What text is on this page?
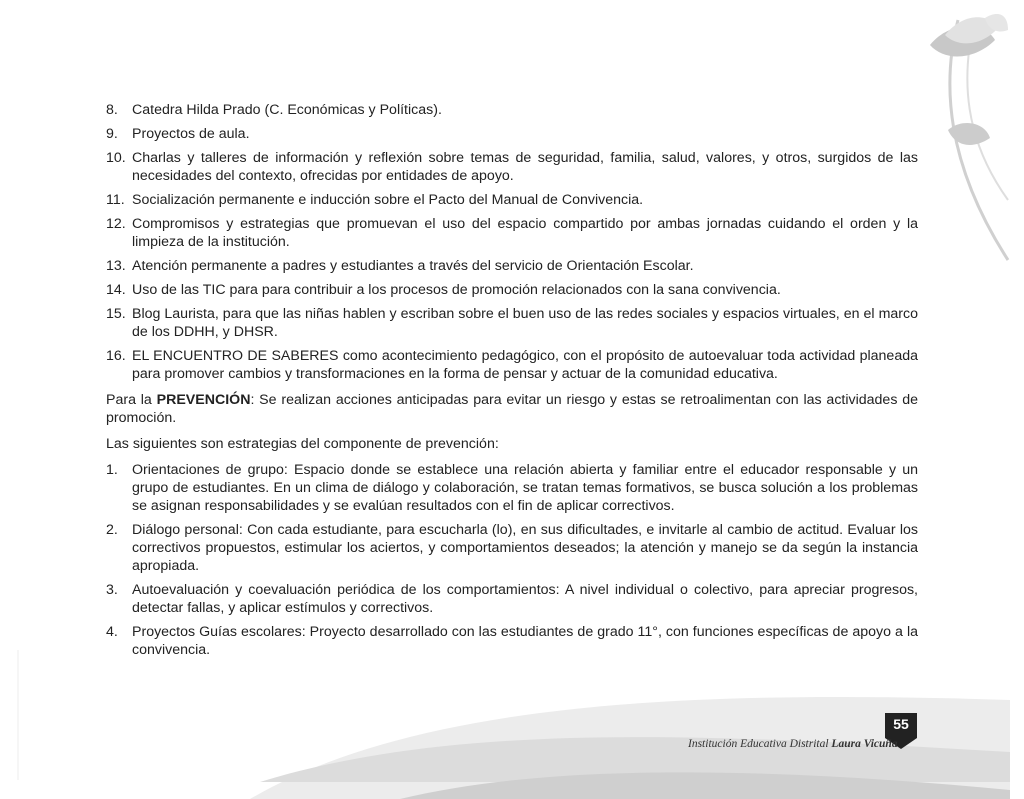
8. Catedra Hilda Prado (C. Económicas y Políticas).
9. Proyectos de aula.
10. Charlas y talleres de información y reflexión sobre temas de seguridad, familia, salud, valores, y otros, surgidos de las necesidades del contexto, ofrecidas por entidades de apoyo.
11. Socialización permanente e inducción sobre el Pacto del Manual de Convivencia.
12. Compromisos y estrategias que promuevan el uso del espacio compartido por ambas jornadas cuidando el orden y la limpieza de la institución.
13. Atención permanente a padres y estudiantes a través del servicio de Orientación Escolar.
14. Uso de las TIC para para contribuir a los procesos de promoción relacionados con la sana convivencia.
15. Blog Laurista, para que las niñas hablen y escriban sobre el buen uso de las redes sociales y espacios virtuales, en el marco de los DDHH, y DHSR.
16. EL ENCUENTRO DE SABERES como acontecimiento pedagógico, con el propósito de autoevaluar toda actividad planeada para promover cambios y transformaciones en la forma de pensar y actuar de la comunidad educativa.

Para la PREVENCIÓN: Se realizan acciones anticipadas para evitar un riesgo y estas se retroalimentan con las actividades de promoción.

Las siguientes son estrategias del componente de prevención:

1. Orientaciones de grupo: Espacio donde se establece una relación abierta y familiar entre el educador responsable y un grupo de estudiantes. En un clima de diálogo y colaboración, se tratan temas formativos, se busca solución a los problemas se asignan responsabilidades y se evalúan resultados con el fin de aplicar correctivos.
2. Diálogo personal: Con cada estudiante, para escucharla (lo), en sus dificultades, e invitarle al cambio de actitud. Evaluar los correctivos propuestos, estimular los aciertos, y comportamientos deseados; la atención y manejo se da según la instancia apropiada.
3. Autoevaluación y coevaluación periódica de los comportamientos: A nivel individual o colectivo, para apreciar progresos, detectar fallas, y aplicar estímulos y correctivos.
4. Proyectos Guías escolares: Proyecto desarrollado con las estudiantes de grado 11°, con funciones específicas de apoyo a la convivencia.
Institución Educativa Distrital Laura Vicuña
55
